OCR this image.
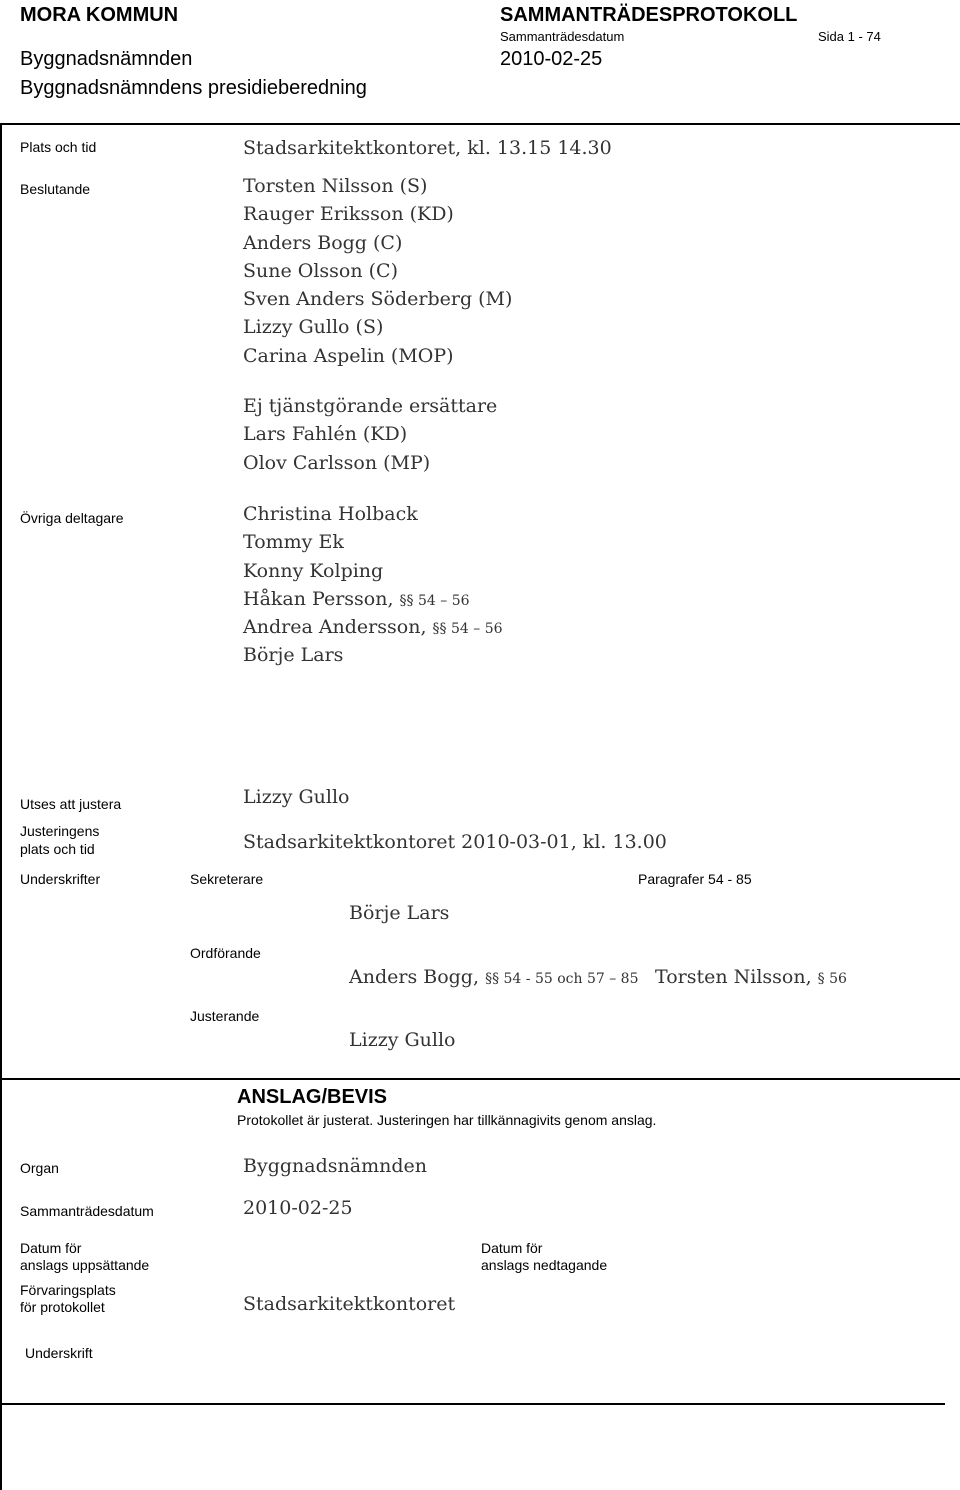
MORA KOMMUN	SAMMANTRÄDESPROTOKOLL
Sammanträdesdatum	Sida 1 - 74
Byggnadsnämnden	2010-02-25
Byggnadsnämndens presidieberedning
Plats och tid	Stadsarkitektkontoret, kl. 13.15 14.30
Beslutande	Torsten Nilsson (S)
Rauger Eriksson (KD)
Anders Bogg (C)
Sune Olsson (C)
Sven Anders Söderberg (M)
Lizzy Gullo (S)
Carina Aspelin (MOP)
Ej tjänstgörande ersättare
Lars Fahlén (KD)
Olov Carlsson (MP)
Övriga deltagare	Christina Holback
Tommy Ek
Konny Kolping
Håkan Persson, §§ 54 – 56
Andrea Andersson, §§ 54 – 56
Börje Lars
Utses att justera	Lizzy Gullo
Justeringens
plats och tid	Stadsarkitektkontoret 2010-03-01, kl. 13.00
Underskrifter	Sekreterare	Paragrafer 54 - 85
Börje Lars
Ordförande
Anders Bogg, §§ 54 - 55 och 57 – 85 Torsten Nilsson, § 56
Justerande
Lizzy Gullo
ANSLAG/BEVIS
Protokollet är justerat. Justeringen har tillkännagivits genom anslag.
Organ	Byggnadsnämnden
Sammanträdesdatum	2010-02-25
Datum för
anslags uppsättande
Datum för
anslags nedtagande
Förvaringsplats
för protokollet	Stadsarkitektkontoret
Underskrift
